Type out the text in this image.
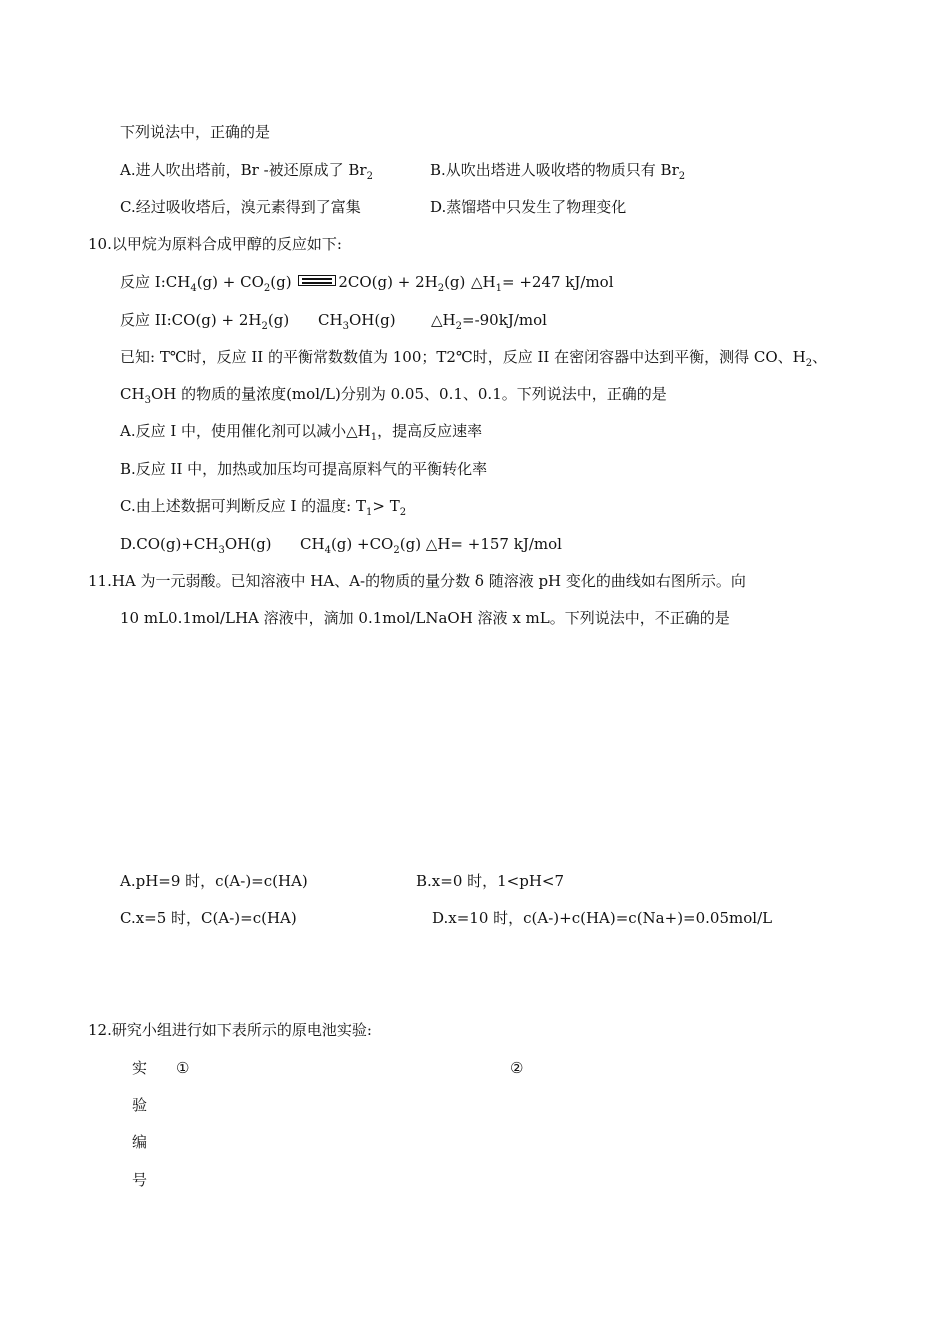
下列说法中，正确的是
A.进人吹出塔前，Br -被还原成了 $Br_2$	B.从吹出塔进人吸收塔的物质只有 $Br_2$
C.经过吸收塔后，溴元素得到了富集	D.蒸馏塔中只发生了物理变化
10.以甲烷为原料合成甲醇的反应如下:
反应 $I:CH_4(g) + CO_2(g)$	$2CO(g) + 2H_2(g)$ $\triangle H_1= +247$ kJ/mol
反应 II:CO(g) + $2H_2(g)$ $CH_3OH(g)$ $\triangle H_2=-90kJ$/mol
已知: T℃时，反应 II 的平衡常数数值为 100；T2℃时，反应 II 在密闭容器中达到平衡，测得 CO、$H_2$、
$CH_3OH$ 的物质的量浓度(mol/L)分别为 0.05、0.1、0.1。下列说法中，正确的是
A.反应 I 中，使用催化剂可以减小$\triangle H_1$，提高反应速率
B.反应 II 中，加热或加压均可提高原料气的平衡转化率
C.由上述数据可判断反应 I 的温度: $T_1> T_2$
$D.CO(g)+CH_3OH(g)$ $CH_4(g) +CO_2(g)$ △H= +157 kJ/mol
11.HA 为一元弱酸。已知溶液中 HA、A-的物质的量分数 δ 随溶液 pH 变化的曲线如右图所示。向
10 mL0.1mol/LHA 溶液中，滴加 0.1mol/LNaOH 溶液 x mL。下列说法中，不正确的是
A.pH=9 时，c(A-)=c(HA)	B.x=0 时，1<pH<7
C.x=5 时，C(A-)=c(HA)	D.x=10 时，c(A-)+c(HA)=c(Na+)=0.05mol/L
12.研究小组进行如下表所示的原电池实验:
实 ①	②
验
编
号
